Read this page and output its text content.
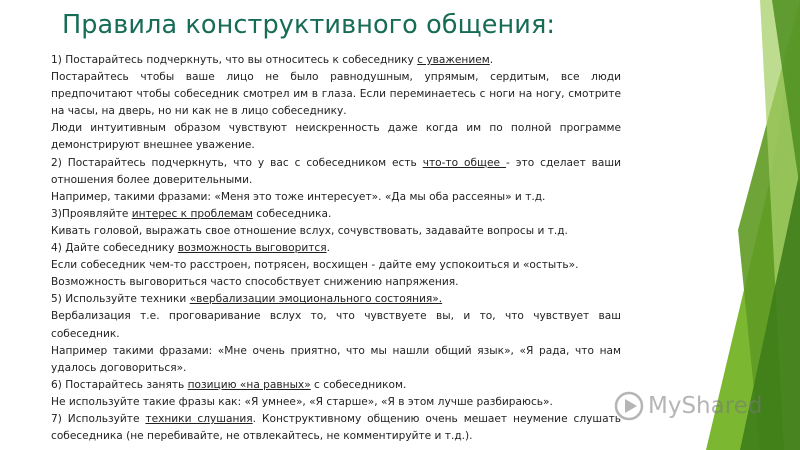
Правила конструктивного общения:

1) Постарайтесь подчеркнуть, что вы относитесь к собеседнику с уважением.

Постарайтесь чтобы ваше лицо не было равнодушным, упрямым, сердитым, все люди предпочитают чтобы собеседник смотрел им в глаза. Если переминаетесь с ноги на ногу, смотрите на часы, на дверь, но ни как не в лицо собеседнику.

Люди интуитивным образом чувствуют неискренность даже когда им по полной программе демонстрируют внешнее уважение.

2) Постарайтесь подчеркнуть, что у вас с собеседником есть что-то общее - это сделает ваши отношения более доверительными.

Например, такими фразами: «Меня это тоже интересует». «Да мы оба рассеяны» и т.д.

3)Проявляйте интерес к проблемам собеседника.

Кивать головой, выражать свое отношение вслух, сочувствовать, задавайте вопросы и т.д.

4) Дайте собеседнику возможность выговорится.

Если собеседник чем-то расстроен, потрясен, восхищен - дайте ему успокоиться и «остыть».

Возможность выговориться часто способствует снижению напряжения.

5) Используйте техники «вербализации эмоционального состояния».

Вербализация т.е. проговаривание вслух то, что чувствуете вы, и то, что чувствует ваш собеседник.

Например такими фразами: «Мне очень приятно, что мы нашли общий язык», «Я рада, что нам удалось договориться».

6) Постарайтесь занять позицию «на равных» с собеседником.

Не используйте такие фразы как: «Я умнее», «Я старше», «Я в этом лучше разбираюсь».

7) Используйте техники слушания. Конструктивному общению очень мешает неумение слушать собеседника (не перебивайте, не отвлекайтесь, не комментируйте и т.д.).

MyShared
